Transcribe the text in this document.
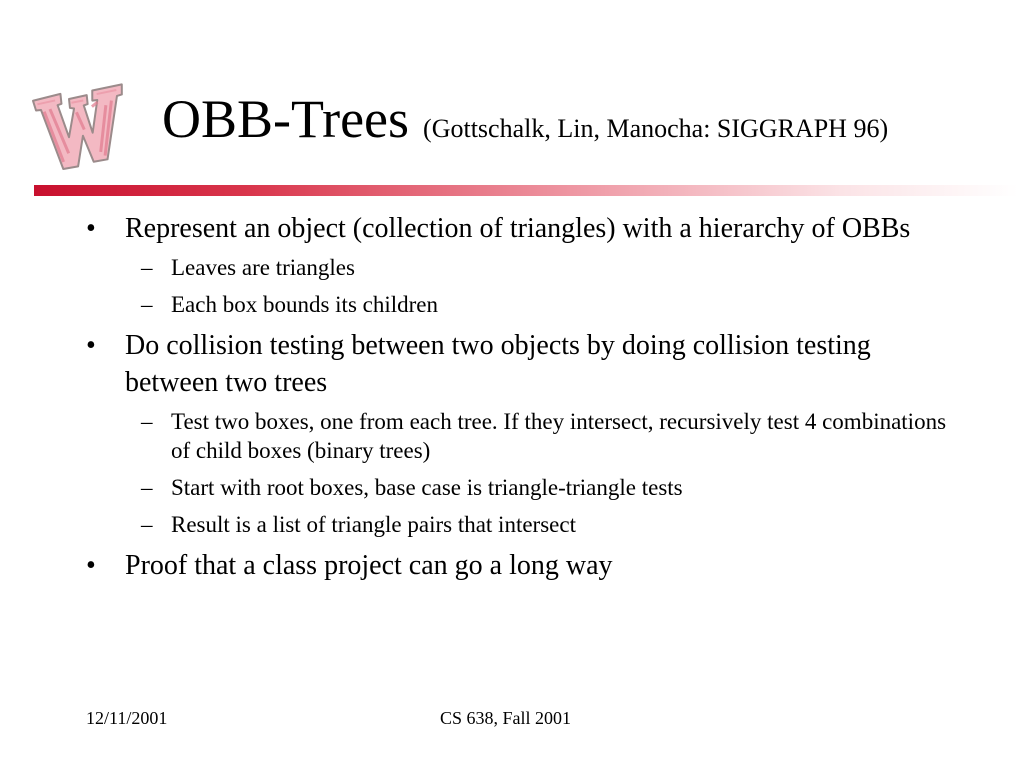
OBB-Trees (Gottschalk, Lin, Manocha: SIGGRAPH 96)
• Represent an object (collection of triangles) with a hierarchy of OBBs
– Leaves are triangles
– Each box bounds its children
• Do collision testing between two objects by doing collision testing between two trees
– Test two boxes, one from each tree. If they intersect, recursively test 4 combinations of child boxes (binary trees)
– Start with root boxes, base case is triangle-triangle tests
– Result is a list of triangle pairs that intersect
• Proof that a class project can go a long way
12/11/2001	CS 638, Fall 2001
